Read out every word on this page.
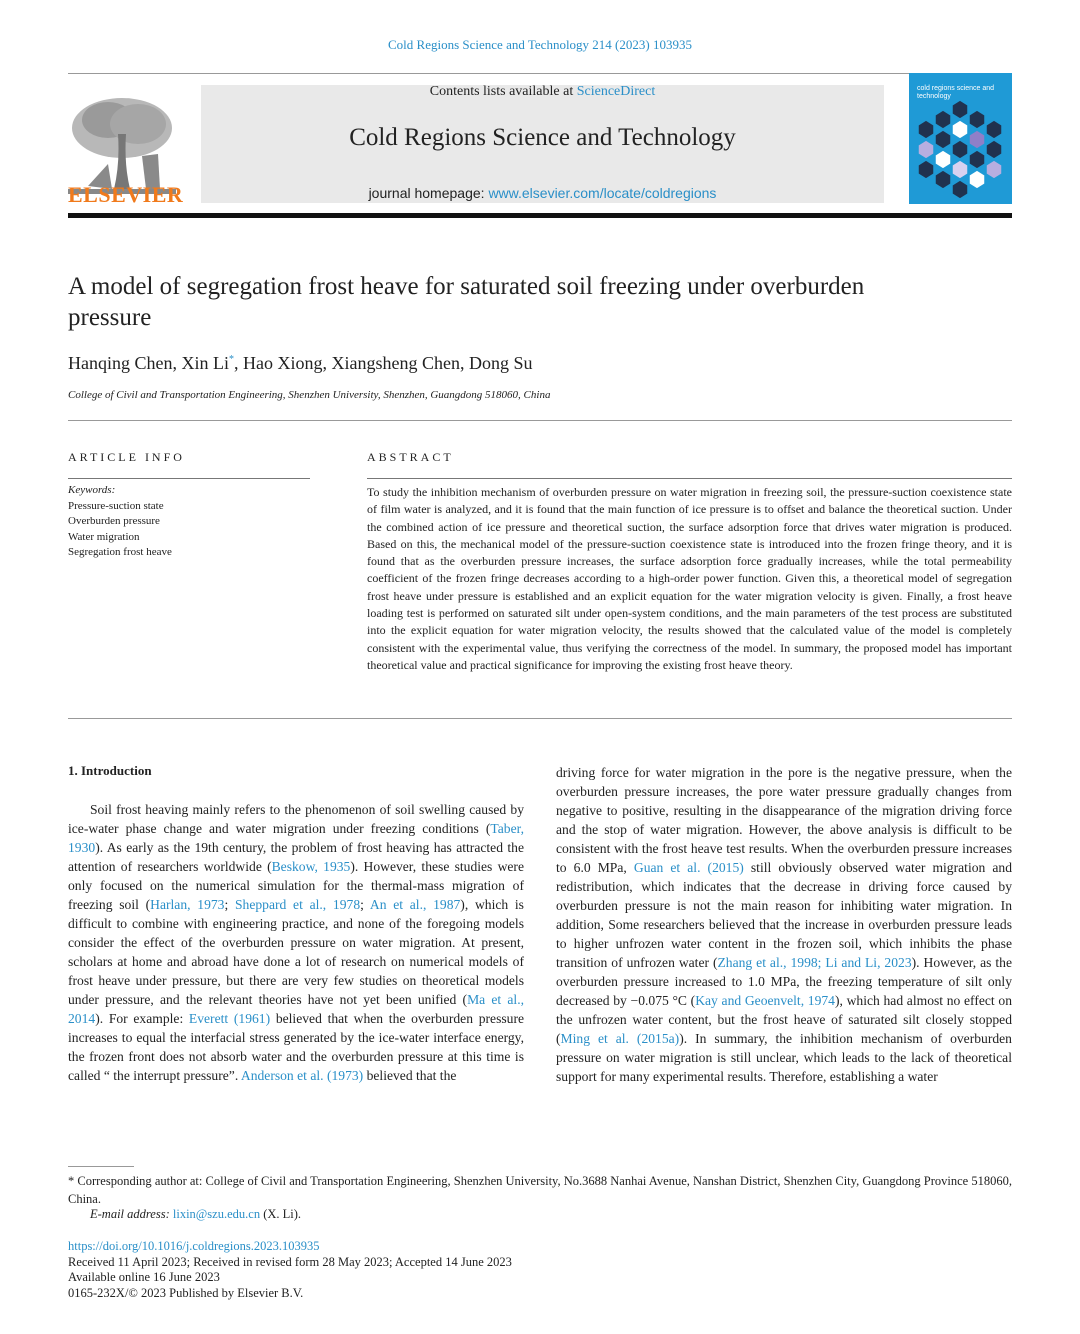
Cold Regions Science and Technology 214 (2023) 103935
ELSEVIER
Contents lists available at ScienceDirect
Cold Regions Science and Technology
journal homepage: www.elsevier.com/locate/coldregions
cold regions science and technology
A model of segregation frost heave for saturated soil freezing under overburden pressure
Hanqing Chen, Xin Li*, Hao Xiong, Xiangsheng Chen, Dong Su
College of Civil and Transportation Engineering, Shenzhen University, Shenzhen, Guangdong 518060, China
ARTICLE INFO	ABSTRACT
Keywords:
Pressure-suction state
Overburden pressure
Water migration
Segregation frost heave
To study the inhibition mechanism of overburden pressure on water migration in freezing soil, the pressure-suction coexistence state of film water is analyzed, and it is found that the main function of ice pressure is to offset and balance the theoretical suction. Under the combined action of ice pressure and theoretical suction, the surface adsorption force that drives water migration is produced. Based on this, the mechanical model of the pressure-suction coexistence state is introduced into the frozen fringe theory, and it is found that as the overburden pressure increases, the surface adsorption force gradually increases, while the total permeability coefficient of the frozen fringe decreases according to a high-order power function. Given this, a theoretical model of segregation frost heave under pressure is established and an explicit equation for the water migration velocity is given. Finally, a frost heave loading test is performed on saturated silt under open-system conditions, and the main parameters of the test process are substituted into the explicit equation for water migration velocity, the results showed that the calculated value of the model is completely consistent with the experimental value, thus verifying the correctness of the model. In summary, the proposed model has important theoretical value and practical significance for improving the existing frost heave theory.
1. Introduction
Soil frost heaving mainly refers to the phenomenon of soil swelling caused by ice-water phase change and water migration under freezing conditions (Taber, 1930). As early as the 19th century, the problem of frost heaving has attracted the attention of researchers worldwide (Beskow, 1935). However, these studies were only focused on the numerical simulation for the thermal-mass migration of freezing soil (Harlan, 1973; Sheppard et al., 1978; An et al., 1987), which is difficult to combine with engineering practice, and none of the foregoing models consider the effect of the overburden pressure on water migration. At present, scholars at home and abroad have done a lot of research on numerical models of frost heave under pressure, but there are very few studies on theoretical models under pressure, and the relevant theories have not yet been unified (Ma et al., 2014). For example: Everett (1961) believed that when the overburden pressure increases to equal the interfacial stress generated by the ice-water interface energy, the frozen front does not absorb water and the overburden pressure at this time is called “ the interrupt pressure”. Anderson et al. (1973) believed that the
driving force for water migration in the pore is the negative pressure, when the overburden pressure increases, the pore water pressure gradually changes from negative to positive, resulting in the disappearance of the migration driving force and the stop of water migration. However, the above analysis is difficult to be consistent with the frost heave test results. When the overburden pressure increases to 6.0 MPa, Guan et al. (2015) still obviously observed water migration and redistribution, which indicates that the decrease in driving force caused by overburden pressure is not the main reason for inhibiting water migration. In addition, Some researchers believed that the increase in overburden pressure leads to higher unfrozen water content in the frozen soil, which inhibits the phase transition of unfrozen water (Zhang et al., 1998; Li and Li, 2023). However, as the overburden pressure increased to 1.0 MPa, the freezing temperature of silt only decreased by −0.075 °C (Kay and Geoenvelt, 1974), which had almost no effect on the unfrozen water content, but the frost heave of saturated silt closely stopped (Ming et al. (2015a)). In summary, the inhibition mechanism of overburden pressure on water migration is still unclear, which leads to the lack of theoretical support for many experimental results. Therefore, establishing a water
* Corresponding author at: College of Civil and Transportation Engineering, Shenzhen University, No.3688 Nanhai Avenue, Nanshan District, Shenzhen City, Guangdong Province 518060, China.
E-mail address: lixin@szu.edu.cn (X. Li).
https://doi.org/10.1016/j.coldregions.2023.103935
Received 11 April 2023; Received in revised form 28 May 2023; Accepted 14 June 2023
Available online 16 June 2023
0165-232X/© 2023 Published by Elsevier B.V.
